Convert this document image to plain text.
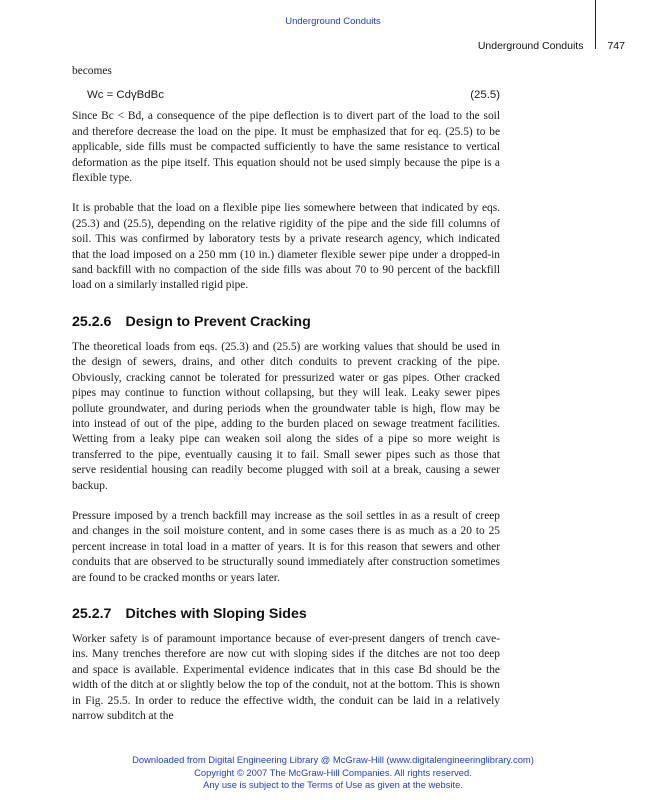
Underground Conduits
Underground Conduits 747

becomes

Wc = CdγBdBc	(25.5)

Since Bc < Bd, a consequence of the pipe deflection is to divert part of the load to the soil and therefore decrease the load on the pipe. It must be emphasized that for eq. (25.5) to be applicable, side fills must be compacted sufficiently to have the same resistance to vertical deformation as the pipe itself. This equation should not be used simply because the pipe is a flexible type.

It is probable that the load on a flexible pipe lies somewhere between that indicated by eqs. (25.3) and (25.5), depending on the relative rigidity of the pipe and the side fill columns of soil. This was confirmed by laboratory tests by a private research agency, which indicated that the load imposed on a 250 mm (10 in.) diameter flexible sewer pipe under a dropped-in sand backfill with no compaction of the side fills was about 70 to 90 percent of the backfill load on a similarly installed rigid pipe.

25.2.6 Design to Prevent Cracking

The theoretical loads from eqs. (25.3) and (25.5) are working values that should be used in the design of sewers, drains, and other ditch conduits to prevent cracking of the pipe. Obviously, cracking cannot be tolerated for pressurized water or gas pipes. Other cracked pipes may continue to function without collapsing, but they will leak. Leaky sewer pipes pollute groundwater, and during periods when the groundwater table is high, flow may be into instead of out of the pipe, adding to the burden placed on sewage treatment facilities. Wetting from a leaky pipe can weaken soil along the sides of a pipe so more weight is transferred to the pipe, eventually causing it to fail. Small sewer pipes such as those that serve residential housing can readily become plugged with soil at a break, causing a sewer backup.

Pressure imposed by a trench backfill may increase as the soil settles in as a result of creep and changes in the soil moisture content, and in some cases there is as much as a 20 to 25 percent increase in total load in a matter of years. It is for this reason that sewers and other conduits that are observed to be structurally sound immediately after construction sometimes are found to be cracked months or years later.

25.2.7 Ditches with Sloping Sides

Worker safety is of paramount importance because of ever-present dangers of trench cave-ins. Many trenches therefore are now cut with sloping sides if the ditches are not too deep and space is available. Experimental evidence indicates that in this case Bd should be the width of the ditch at or slightly below the top of the conduit, not at the bottom. This is shown in Fig. 25.5. In order to reduce the effective width, the conduit can be laid in a relatively narrow subditch at the

Downloaded from Digital Engineering Library @ McGraw-Hill (www.digitalengineeringlibrary.com)
Copyright © 2007 The McGraw-Hill Companies. All rights reserved.
Any use is subject to the Terms of Use as given at the website.
